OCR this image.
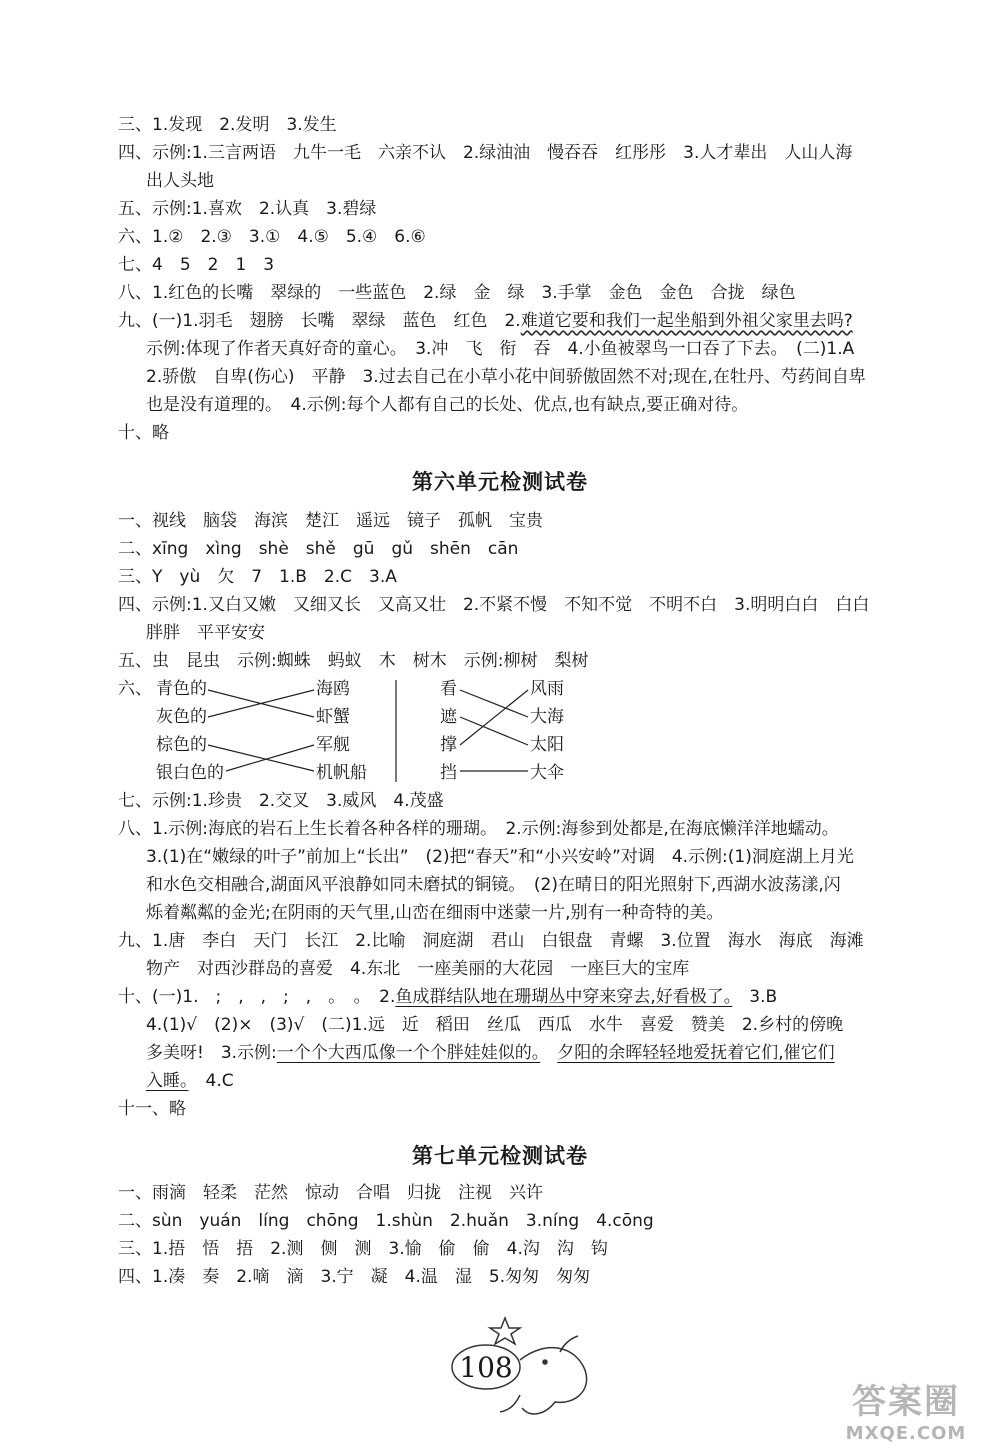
三、1.发现　2.发明　3.发生
四、示例:1.三言两语　九牛一毛　六亲不认　2.绿油油　慢吞吞　红彤彤　3.人才辈出　人山人海
出人头地
五、示例:1.喜欢　2.认真　3.碧绿
六、1.②　2.③　3.①　4.⑤　5.④　6.⑥
七、4　5　2　1　3
八、1.红色的长嘴　翠绿的　一些蓝色　2.绿　金　绿　3.手掌　金色　金色　合拢　绿色
九、(一)1.羽毛　翅膀　长嘴　翠绿　蓝色　红色　2.难道它要和我们一起坐船到外祖父家里去吗?
示例:体现了作者天真好奇的童心。　3.冲　飞　衔　吞　4.小鱼被翠鸟一口吞了下去。　(二)1.A
2.骄傲　自卑(伤心)　平静　3.过去自己在小草小花中间骄傲固然不对;现在,在牡丹、芍药间自卑
也是没有道理的。　4.示例:每个人都有自己的长处、优点,也有缺点,要正确对待。
十、略
第六单元检测试卷
一、视线　脑袋　海滨　楚江　遥远　镜子　孤帆　宝贵
二、xīng　xìng　shè　shě　gū　gǔ　shēn　cān
三、Y　yù　欠　7　1.B　2.C　3.A
四、示例:1.又白又嫩　又细又长　又高又壮　2.不紧不慢　不知不觉　不明不白　3.明明白白　白白
胖胖　平平安安
五、虫　昆虫　示例:蜘蛛　蚂蚁　木　树木　示例:柳树　梨树
六、 青色的
灰色的
棕色的
银白色的
海鸥
虾蟹
军舰
机帆船
看
遮
撑
挡
风雨
大海
太阳
大伞
七、示例:1.珍贵　2.交叉　3.威风　4.茂盛
八、1.示例:海底的岩石上生长着各种各样的珊瑚。　2.示例:海参到处都是,在海底懒洋洋地蠕动。
3.(1)在“嫩绿的叶子”前加上“长出”　(2)把“春天”和“小兴安岭”对调　4.示例:(1)洞庭湖上月光
和水色交相融合,湖面风平浪静如同未磨拭的铜镜。　(2)在晴日的阳光照射下,西湖水波荡漾,闪
烁着粼粼的金光;在阴雨的天气里,山峦在细雨中迷蒙一片,别有一种奇特的美。
九、1.唐　李白　天门　长江　2.比喻　洞庭湖　君山　白银盘　青螺　3.位置　海水　海底　海滩
物产　对西沙群岛的喜爱　4.东北　一座美丽的大花园　一座巨大的宝库
十、(一)1.　;　,　,　;　,　。　。　2.鱼成群结队地在珊瑚丛中穿来穿去,好看极了。　3.B
4.(1)√　(2)×　(3)√　(二)1.远　近　稻田　丝瓜　西瓜　水牛　喜爱　赞美　2.乡村的傍晚
多美呀!　3.示例:一个个大西瓜像一个个胖娃娃似的。　 夕阳的余晖轻轻地爱抚着它们,催它们
入睡。　4.C
十一、略
第七单元检测试卷
一、雨滴　轻柔　茫然　惊动　合唱　归拢　注视　兴许
二、sùn　yuán　líng　chōng　1.shùn　2.huǎn　3.níng　4.cōng
三、1.捂　悟　捂　2.测　侧　测　3.愉　偷　偷　4.沟　沟　钩
四、1.凑　奏　2.嘀　滴　3.宁　凝　4.温　湿　5.匆匆　匆匆
108
答案圈
MXQE.COM
